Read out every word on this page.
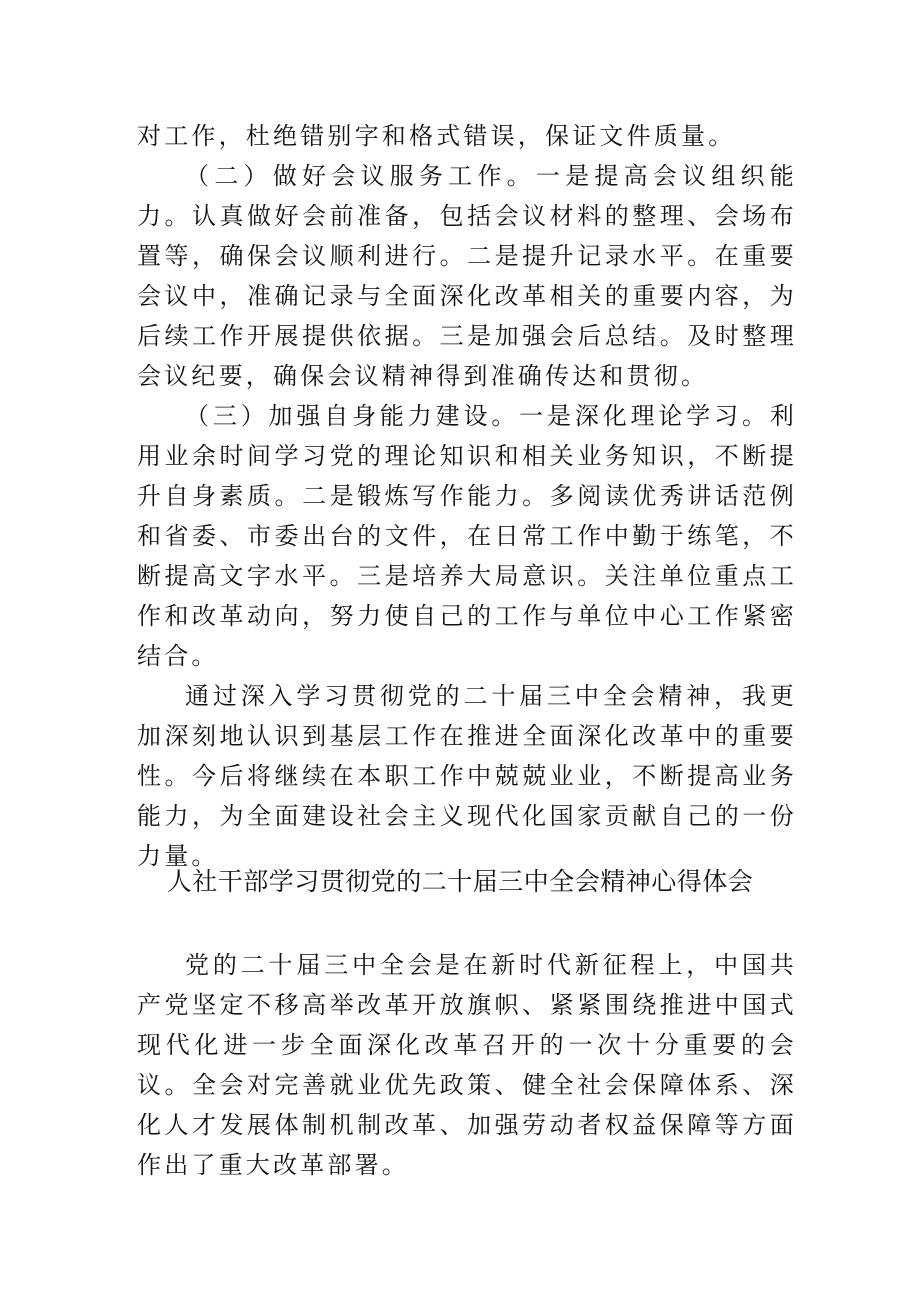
对工作，杜绝错别字和格式错误，保证文件质量。

（二）做好会议服务工作。一是提高会议组织能力。认真做好会前准备，包括会议材料的整理、会场布置等，确保会议顺利进行。二是提升记录水平。在重要会议中，准确记录与全面深化改革相关的重要内容，为后续工作开展提供依据。三是加强会后总结。及时整理会议纪要，确保会议精神得到准确传达和贯彻。

（三）加强自身能力建设。一是深化理论学习。利用业余时间学习党的理论知识和相关业务知识，不断提升自身素质。二是锻炼写作能力。多阅读优秀讲话范例和省委、市委出台的文件，在日常工作中勤于练笔，不断提高文字水平。三是培养大局意识。关注单位重点工作和改革动向，努力使自己的工作与单位中心工作紧密结合。

通过深入学习贯彻党的二十届三中全会精神，我更加深刻地认识到基层工作在推进全面深化改革中的重要性。今后将继续在本职工作中兢兢业业，不断提高业务能力，为全面建设社会主义现代化国家贡献自己的一份力量。

人社干部学习贯彻党的二十届三中全会精神心得体会

党的二十届三中全会是在新时代新征程上，中国共产党坚定不移高举改革开放旗帜、紧紧围绕推进中国式现代化进一步全面深化改革召开的一次十分重要的会议。全会对完善就业优先政策、健全社会保障体系、深化人才发展体制机制改革、加强劳动者权益保障等方面作出了重大改革部署。
